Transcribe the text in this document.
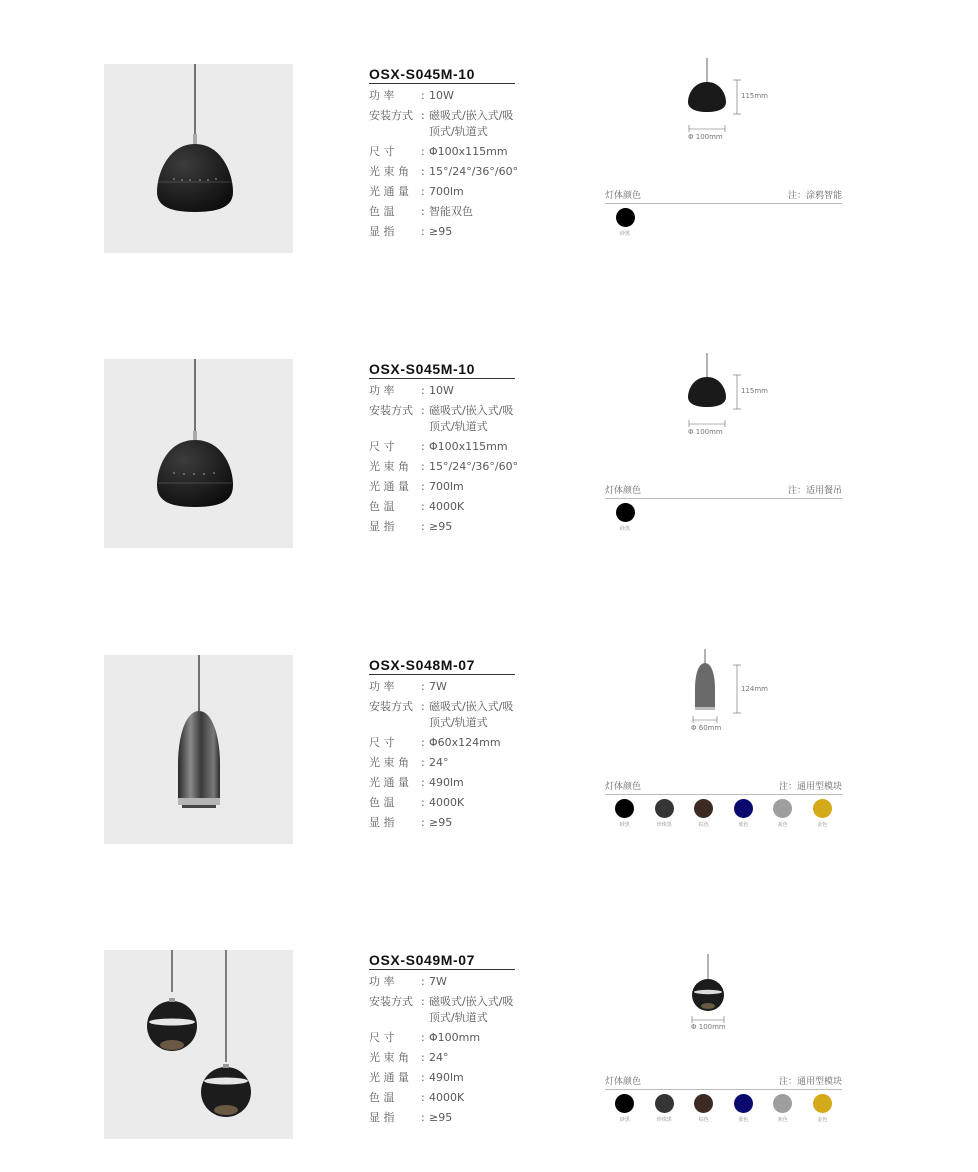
OSX-S045M-10
功 率	: 10W
安装方式 : 磁吸式/嵌入式/吸顶式/轨道式
尺 寸	: Φ100x115mm
光 束 角	: 15°/24°/36°/60°
光 通 量	: 700lm
色 温	: 智能双色
显 指	: ≥95
115mm
Φ 100mm
灯体颜色	注：涂鸦智能
砂黑
OSX-S045M-10
功 率	: 10W
安装方式 : 磁吸式/嵌入式/吸顶式/轨道式
尺 寸	: Φ100x115mm
光 束 角	: 15°/24°/36°/60°
光 通 量	: 700lm
色 温	: 4000K
显 指	: ≥95
115mm
Φ 100mm
灯体颜色	注：适用餐吊
砂黑
OSX-S048M-07
功 率	: 7W
安装方式 : 磁吸式/嵌入式/吸顶式/轨道式
尺 寸	: Φ60x124mm
光 束 角	: 24°
光 通 量	: 490lm
色 温	: 4000K
显 指	: ≥95
124mm
Φ 60mm
灯体颜色	注：通用型模块
砂黑	珍珠黑	棕色	蓝色	灰色	金色
OSX-S049M-07
功 率	: 7W
安装方式 : 磁吸式/嵌入式/吸顶式/轨道式
尺 寸	: Φ100mm
光 束 角	: 24°
光 通 量	: 490lm
色 温	: 4000K
显 指	: ≥95
Φ 100mm
灯体颜色	注：通用型模块
砂黑	珍珠黑	棕色	蓝色	灰色	金色
